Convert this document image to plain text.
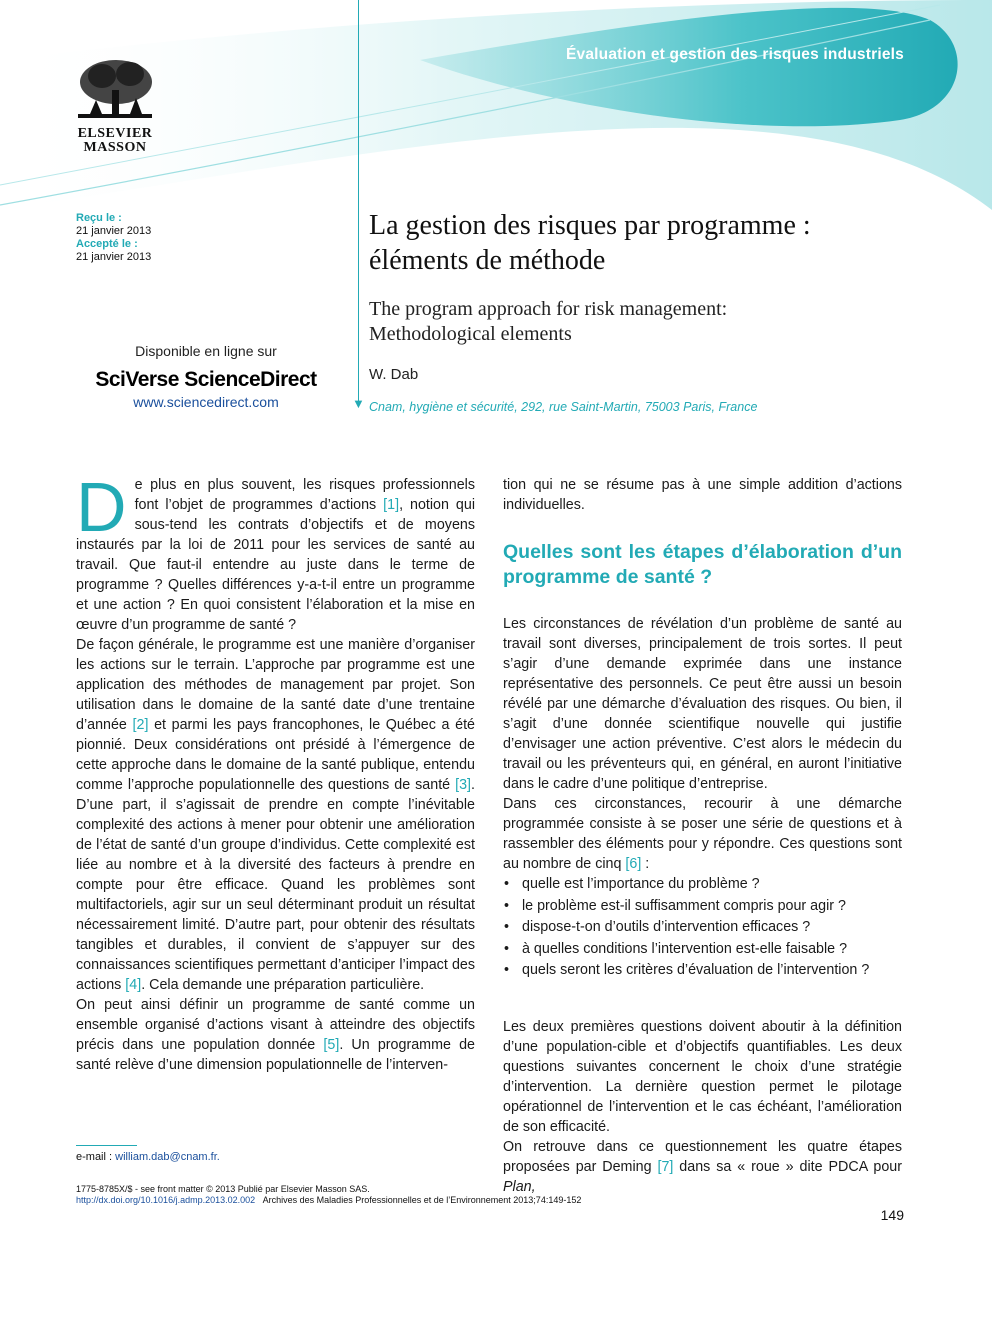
Évaluation et gestion des risques industriels
ELSEVIER
MASSON
Reçu le :
21 janvier 2013
Accepté le :
21 janvier 2013
Disponible en ligne sur
SciVerse ScienceDirect
www.sciencedirect.com	▼
La gestion des risques par programme :
éléments de méthode
The program approach for risk management:
Methodological elements
W. Dab
Cnam, hygiène et sécurité, 292, rue Saint-Martin, 75003 Paris, France

De plus en plus souvent, les risques professionnels font l’objet de programmes d’actions [1], notion qui sous-tend les contrats d’objectifs et de moyens instaurés par la loi de 2011 pour les services de santé au travail. Que faut-il entendre au juste dans le terme de programme ? Quelles différences y-a-t-il entre un programme et une action ? En quoi consistent l’élaboration et la mise en œuvre d’un programme de santé ?

De façon générale, le programme est une manière d’organiser les actions sur le terrain. L’approche par programme est une application des méthodes de management par projet. Son utilisation dans le domaine de la santé date d’une trentaine d’année [2] et parmi les pays francophones, le Québec a été pionnié. Deux considérations ont présidé à l’émergence de cette approche dans le domaine de la santé publique, entendu comme l’approche populationnelle des questions de santé [3]. D’une part, il s’agissait de prendre en compte l’inévitable complexité des actions à mener pour obtenir une amélioration de l’état de santé d’un groupe d’individus. Cette complexité est liée au nombre et à la diversité des facteurs à prendre en compte pour être efficace. Quand les problèmes sont multifactoriels, agir sur un seul déterminant produit un résultat nécessairement limité. D’autre part, pour obtenir des résultats tangibles et durables, il convient de s’appuyer sur des connaissances scientifiques permettant d’anticiper l’impact des actions [4]. Cela demande une préparation particulière.

On peut ainsi définir un programme de santé comme un ensemble organisé d’actions visant à atteindre des objectifs précis dans une population donnée [5]. Un programme de santé relève d’une dimension populationnelle de l’interven-

tion qui ne se résume pas à une simple addition d’actions individuelles.

Quelles sont les étapes d’élaboration d’un programme de santé ?

Les circonstances de révélation d’un problème de santé au travail sont diverses, principalement de trois sortes. Il peut s’agir d’une demande exprimée dans une instance représentative des personnels. Ce peut être aussi un besoin révélé par une démarche d’évaluation des risques. Ou bien, il s’agit d’une donnée scientifique nouvelle qui justifie d’envisager une action préventive. C’est alors le médecin du travail ou les préventeurs qui, en général, en auront l’initiative dans le cadre d’une politique d’entreprise.

Dans ces circonstances, recourir à une démarche programmée consiste à se poser une série de questions et à rassembler des éléments pour y répondre. Ces questions sont au nombre de cinq [6] :

• quelle est l’importance du problème ?
• le problème est-il suffisamment compris pour agir ?
• dispose-t-on d’outils d’intervention efficaces ?
• à quelles conditions l’intervention est-elle faisable ?
• quels seront les critères d’évaluation de l’intervention ?

Les deux premières questions doivent aboutir à la définition d’une population-cible et d’objectifs quantifiables. Les deux questions suivantes concernent le choix d’une stratégie d’intervention. La dernière question permet le pilotage opérationnel de l’intervention et le cas échéant, l’amélioration de son efficacité.

On retrouve dans ce questionnement les quatre étapes proposées par Deming [7] dans sa « roue » dite PDCA pour Plan,

e-mail : william.dab@cnam.fr.
1775-8785X/$ - see front matter © 2013 Publié par Elsevier Masson SAS.
http://dx.doi.org/10.1016/j.admp.2013.02.002 Archives des Maladies Professionnelles et de l’Environnement 2013;74:149-152
149
